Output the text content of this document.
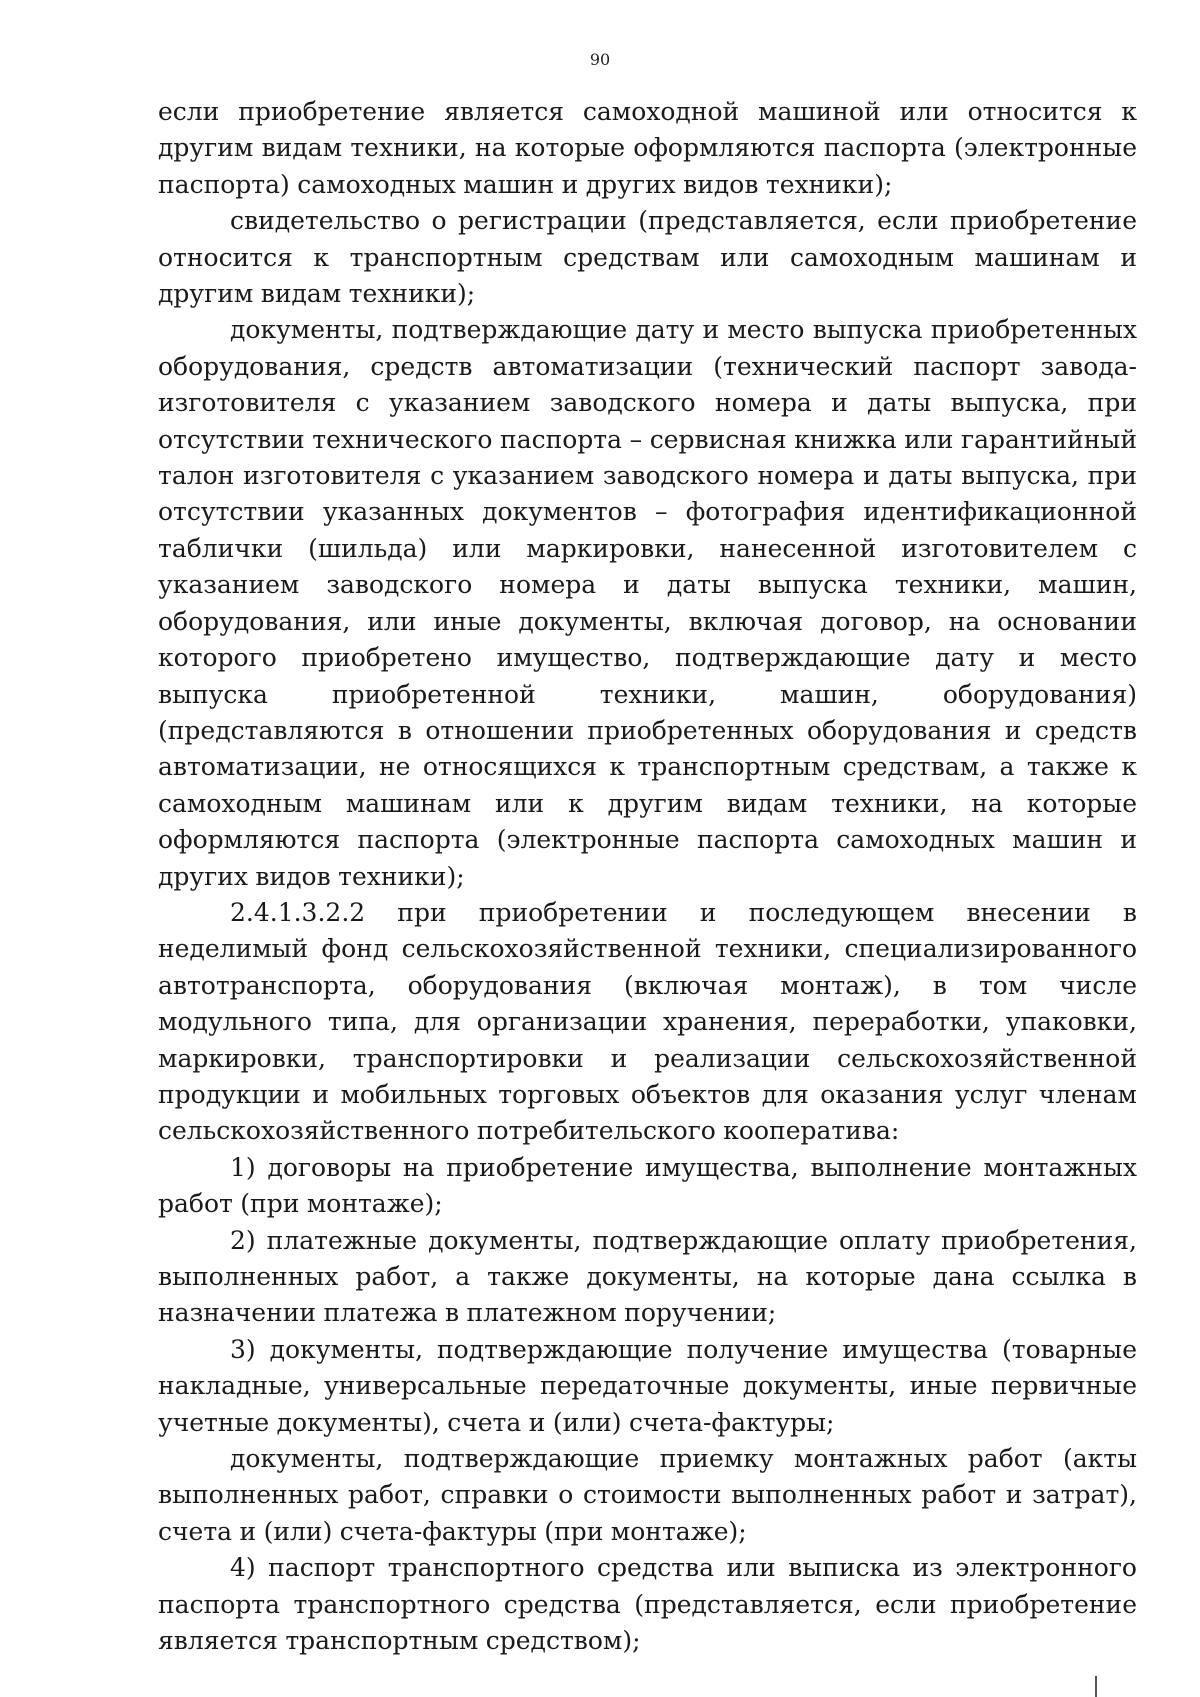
90

если приобретение является самоходной машиной или относится к другим видам техники, на которые оформляются паспорта (электронные паспорта) самоходных машин и других видов техники);

свидетельство о регистрации (представляется, если приобретение относится к транспортным средствам или самоходным машинам и другим видам техники);

документы, подтверждающие дату и место выпуска приобретенных оборудования, средств автоматизации (технический паспорт завода-изготовителя с указанием заводского номера и даты выпуска, при отсутствии технического паспорта – сервисная книжка или гарантийный талон изготовителя с указанием заводского номера и даты выпуска, при отсутствии указанных документов – фотография идентификационной таблички (шильда) или маркировки, нанесенной изготовителем с указанием заводского номера и даты выпуска техники, машин, оборудования, или иные документы, включая договор, на основании которого приобретено имущество, подтверждающие дату и место выпуска приобретенной техники, машин, оборудования) (представляются в отношении приобретенных оборудования и средств автоматизации, не относящихся к транспортным средствам, а также к самоходным машинам или к другим видам техники, на которые оформляются паспорта (электронные паспорта самоходных машин и других видов техники);

2.4.1.3.2.2 при приобретении и последующем внесении в неделимый фонд сельскохозяйственной техники, специализированного автотранспорта, оборудования (включая монтаж), в том числе модульного типа, для организации хранения, переработки, упаковки, маркировки, транспортировки и реализации сельскохозяйственной продукции и мобильных торговых объектов для оказания услуг членам сельскохозяйственного потребительского кооператива:

1) договоры на приобретение имущества, выполнение монтажных работ (при монтаже);

2) платежные документы, подтверждающие оплату приобретения, выполненных работ, а также документы, на которые дана ссылка в назначении платежа в платежном поручении;

3) документы, подтверждающие получение имущества (товарные накладные, универсальные передаточные документы, иные первичные учетные документы), счета и (или) счета-фактуры;

документы, подтверждающие приемку монтажных работ (акты выполненных работ, справки о стоимости выполненных работ и затрат), счета и (или) счета-фактуры (при монтаже);

4) паспорт транспортного средства или выписка из электронного паспорта транспортного средства (представляется, если приобретение является транспортным средством);
